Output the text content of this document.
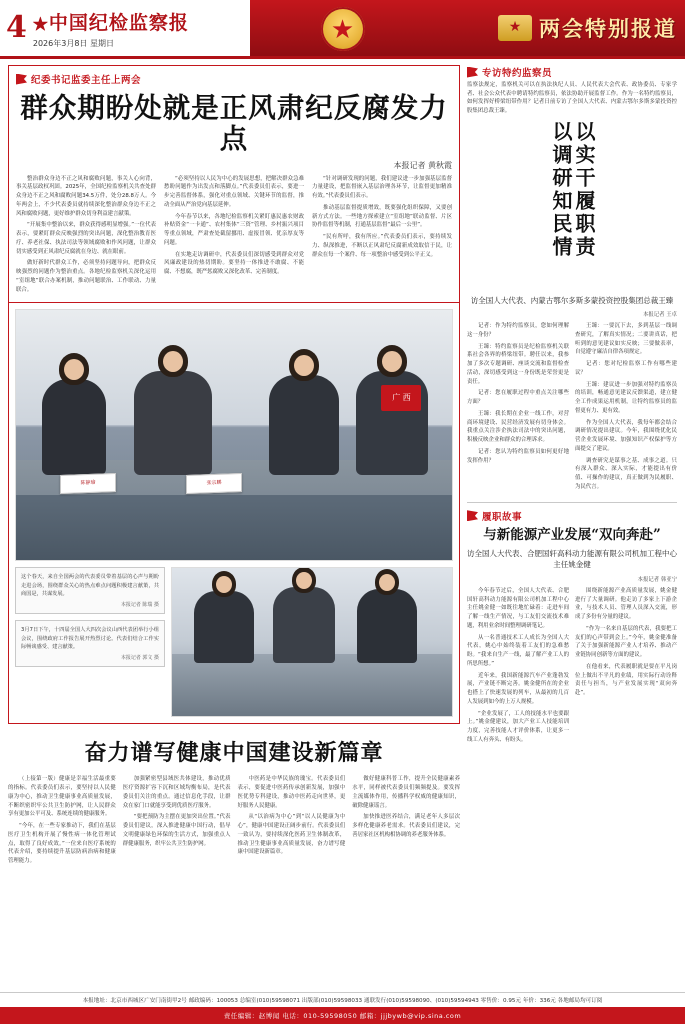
4 ★中国纪检监察报
2026年3月8日 星期日	★ ★	两会特别报道
纪委书记监委主任上两会
群众期盼处就是正风肃纪反腐发力点
本报记者 黄秋霞

整治群众身边不正之风和腐败问题，事关人心向背，事关基层政权巩固。2025年，全国纪检监察机关共查处群众身边不正之风和腐败问题34.5万件，处分28.8万人。今年两会上，不少代表委员就持续深化整治群众身边不正之风和腐败问题，更好维护群众切身利益建言献策。

“开展集中整治以来，群众获得感明显增强。”一位代表表示，要紧盯群众反映强烈的突出问题，深化整治教育医疗、养老社保、执法司法等领域腐败和作风问题，让群众切实感受到正风肃纪反腐就在身边、就在眼前。

做好新时代群众工作，必须坚持问题导向，把群众反映强烈的问题作为整治重点。各地纪检监察机关深化运用“室组地”联合办案机制，推动问题联治、工作联动、力量联合。

“必须坚持以人民为中心的发展思想，把解决群众急难愁盼问题作为出发点和落脚点。”代表委员们表示，要进一步完善监督体系，强化对重点领域、关键环节的监督，推动全面从严治党向基层延伸。

今年春节以来，各地纪检监察机关紧盯惠民惠农财政补贴资金“一卡通”、农村集体“三资”管理、乡村振兴项目等重点领域，严肃查处截留挪用、虚报冒领、优亲厚友等问题。

在实地走访调研中，代表委员们深切感受到群众对党风廉政建设的热切期盼。要坚持一体推进不敢腐、不能腐、不想腐，既严惩腐败又深化改革、完善制度。

“针对调研发现的问题，我们建议进一步加强基层监督力量建设，把监督嵌入基层治理各环节，让监督更加精准有效。”代表委员们表示。

推动基层监督提质增效，既要强化组织保障，又要创新方式方法。一些地方探索建立“室组地”联动监督、片区协作监督等机制，打通基层监督“最后一公里”。

“民有所呼，我有所应。”代表委员们表示，要持续发力、纵深推进，不断以正风肃纪反腐新成效取信于民，让群众在每一个案件、每一项整治中感受到公平正义。

陈静瑜	张宗鹏
广 西
这个春天，来自全国两会的代表委员带着基层的心声与期盼走进会场，围绕群众关心的热点难点问题积极建言献策，共商国是，共谋发展。
本报记者 陈瑞 摄
3月7日下午，十四届全国人大四次会议山西代表团举行小组会议，围绕政府工作报告展开热烈讨论。代表们结合工作实际畅谈感受、建言献策。
本报记者 郭文 摄
奋力谱写健康中国建设新篇章

（上接第一版）健康是幸福生活最重要的指标。代表委员们表示，要坚持以人民健康为中心，推动卫生健康事业高质量发展，不断织密织牢公共卫生防护网，让人民群众享有更加公平可及、系统连续的健康服务。

“今年，在一些专家推动下，我们在基层医疗卫生机构开展了慢性病一体化管理试点，取得了良好成效。”一位来自医疗系统的代表介绍，要持续提升基层防病治病和健康管理能力。

加强紧密型县域医共体建设，推动优质医疗资源扩容下沉和区域均衡布局，是代表委员们关注的重点。通过信息化手段，让群众在家门口就能享受到优质医疗服务。

“要把预防为主摆在更加突出位置。”代表委员们建议，深入推进健康中国行动，倡导文明健康绿色环保的生活方式，加强重点人群健康服务，织牢公共卫生防护网。

中医药是中华民族的瑰宝。代表委员们表示，要促进中医药传承创新发展，加强中医优势专科建设，推动中医药走向世界，更好服务人民健康。

从“以治病为中心”到“以人民健康为中心”，健康中国建设正阔步前行。代表委员们一致认为，要持续深化医药卫生体制改革，推动卫生健康事业高质量发展，奋力谱写健康中国建设新篇章。

做好健康科普工作，提升全民健康素养水平，同样被代表委员们频频提及。要发挥主流媒体作用，传播科学权威的健康知识，破除健康谣言。

加快推进医养结合，满足老年人多层次多样化健康养老需求。代表委员们建议，完善居家社区机构相协调的养老服务体系。

专访特约监察员
监察法规定，监察机关可以在执法执纪人员、人民代表大会代表、政协委员、专家学者、社会公众代表中聘请特约监察员，依法协助开展监督工作。作为一名特约监察员，如何发挥好桥梁纽带作用？记者日前专访了全国人大代表、内蒙古鄂尔多斯多蒙投资控股集团总裁王臻。
以调研知民情 以实干履职责
访全国人大代表、内蒙古鄂尔多斯多蒙投资控股集团总裁王臻
本报记者 王卓

记者：作为特约监察员，您如何理解这一身份？

王臻：特约监察员是纪检监察机关联系社会各界的桥梁纽带。聘任以来，我参加了多次专题调研、座谈交流和监督检查活动，深切感受到这一身份既是荣誉更是责任。

记者：您在履职过程中重点关注哪些方面？

王臻：我长期在企业一线工作，对营商环境建设、民营经济发展有切身体会。我重点关注涉企执法司法中的突出问题，积极反映企业和群众的合理诉求。

记者：您认为特约监察员如何更好地发挥作用？

王臻：一要沉下去，多到基层一线调查研究，了解真实情况；二要讲真话，把听到的意见建议如实反映；三要做表率，自觉遵守廉洁自律各项规定。

记者：您对纪检监察工作有哪些建议？

王臻：建议进一步加强对特约监察员的培训，畅通意见建议反馈渠道，建立健全工作成果运用机制，让特约监察员的监督更有力、更有效。

作为全国人大代表，我每年都会结合调研情况提出建议。今年，我围绕优化民营企业发展环境、加强知识产权保护等方面提交了建议。

调查研究是谋事之基、成事之道。只有深入群众、深入实际，才能提出有价值、可操作的建议，真正做到为民履职、为民代言。

履职故事
与新能源产业发展“双向奔赴”
访全国人大代表、合肥国轩高科动力能源有限公司机加工程中心主任姚金健
本报记者 韩亚宁

今年春节过后，全国人大代表、合肥国轩高科动力能源有限公司机加工程中心主任姚金健一如既往地忙碌着：走进车间了解一线生产情况，与工友们交流技术难题，利用业余时间整理调研笔记。

从一名普通技术工人成长为全国人大代表，姚心中始终装着工友们的急难愁盼。“我来自生产一线，最了解产业工人的所思所想。”

近年来，我国新能源汽车产业蓬勃发展，产业链不断完善。姚金健所在的企业也搭上了快速发展的列车，从最初的几百人发展到如今的上万人规模。

“企业发展了，工人的技能水平也要跟上。”姚金健建议，加大产业工人技能培训力度，完善技能人才评价体系，让更多一线工人有奔头、有盼头。

围绕新能源产业高质量发展，姚金健进行了大量调研。他走访了多家上下游企业，与技术人员、管理人员深入交流，形成了多份有分量的建议。

“作为一名来自基层的代表，我要把工友们的心声带到会上。”今年，姚金健准备了关于加强新能源产业人才培养、推动产业链协同创新等方面的建议。

在他看来，代表履职就是要在平凡岗位上做出不平凡的业绩，用实际行动诠释责任与担当，与产业发展实现“双向奔赴”。

本报地址：北京市西城区广安门南街甲2号 邮政编码：100053 总编室(010)59598071 出版部(010)59598033 通联发行(010)59598090、(010)59594943 零售价：0.95元 年价：336元 各地邮局均可订阅
责任编辑：赵博闻 电话：010-59598050 邮箱：jjjbywb@vip.sina.com
